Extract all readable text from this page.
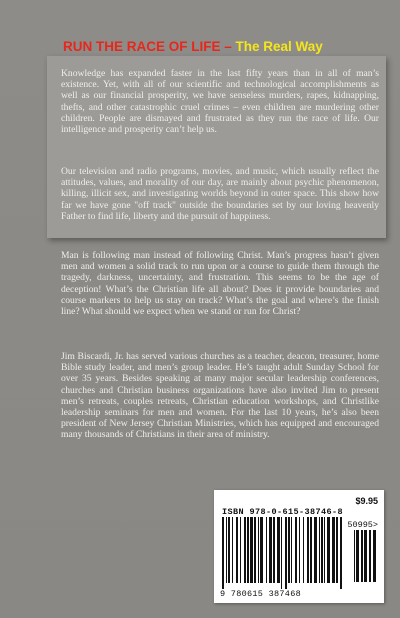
RUN THE RACE OF LIFE – The Real Way

Knowledge has expanded faster in the last fifty years than in all of man’s existence. Yet, with all of our scientific and technological accomplishments as well as our financial prosperity, we have senseless murders, rapes, kidnapping, thefts, and other catastrophic cruel crimes – even children are murdering other children. People are dismayed and frustrated as they run the race of life. Our intelligence and prosperity can’t help us.

Our television and radio programs, movies, and music, which usually reflect the attitudes, values, and morality of our day, are mainly about psychic phenomenon, killing, illicit sex, and investigating worlds beyond in outer space. This show how far we have gone "off track" outside the boundaries set by our loving heavenly Father to find life, liberty and the pursuit of happiness.

Man is following man instead of following Christ. Man’s progress hasn’t given men and women a solid track to run upon or a course to guide them through the tragedy, darkness, uncertainty, and frustration. This seems to be the age of deception! What’s the Christian life all about? Does it provide boundaries and course markers to help us stay on track? What’s the goal and where’s the finish line? What should we expect when we stand or run for Christ?

Jim Biscardi, Jr. has served various churches as a teacher, deacon, treasurer, home Bible study leader, and men’s group leader. He’s taught adult Sunday School for over 35 years. Besides speaking at many major secular leadership conferences, churches and Christian business organizations have also invited Jim to present men’s retreats, couples retreats, Christian education workshops, and Christlike leadership seminars for men and women. For the last 10 years, he’s also been president of New Jersey Christian Ministries, which has equipped and encouraged many thousands of Christians in their area of ministry.

$9.95
ISBN 978-0-615-38746-8
50995>
9 780615 387468
